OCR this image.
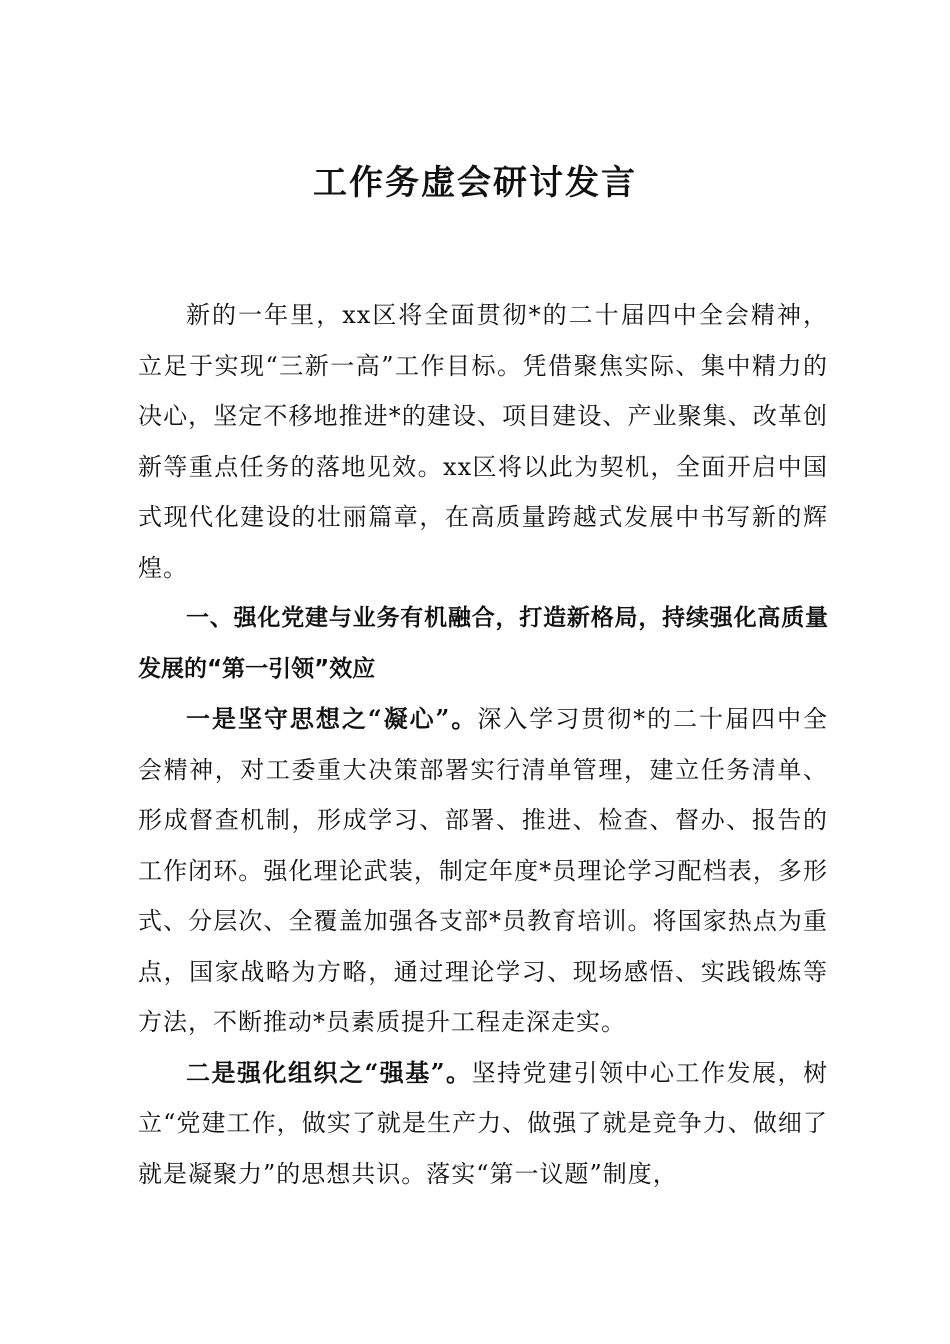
工作务虚会研讨发言

新的一年里，xx区将全面贯彻*的二十届四中全会精神，立足于实现“三新一高”工作目标。凭借聚焦实际、集中精力的决心，坚定不移地推进*的建设、项目建设、产业聚集、改革创新等重点任务的落地见效。xx区将以此为契机，全面开启中国式现代化建设的壮丽篇章，在高质量跨越式发展中书写新的辉煌。

一、强化党建与业务有机融合，打造新格局，持续强化高质量发展的“第一引领”效应

一是坚守思想之“凝心”。深入学习贯彻*的二十届四中全会精神，对工委重大决策部署实行清单管理，建立任务清单、形成督查机制，形成学习、部署、推进、检查、督办、报告的工作闭环。强化理论武装，制定年度*员理论学习配档表，多形式、分层次、全覆盖加强各支部*员教育培训。将国家热点为重点，国家战略为方略，通过理论学习、现场感悟、实践锻炼等方法，不断推动*员素质提升工程走深走实。

二是强化组织之“强基”。坚持党建引领中心工作发展，树立“党建工作，做实了就是生产力、做强了就是竞争力、做细了就是凝聚力”的思想共识。落实“第一议题”制度，
